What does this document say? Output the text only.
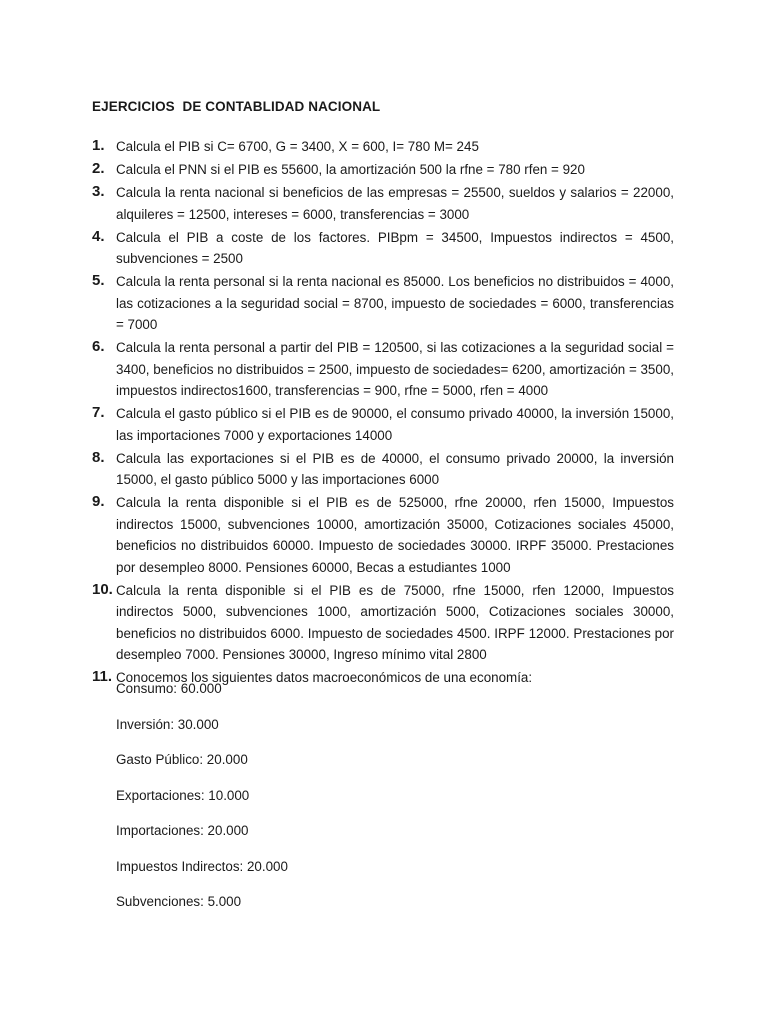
EJERCICIOS  DE CONTABLIDAD NACIONAL
1. Calcula el PIB si C= 6700, G = 3400, X = 600, I= 780 M= 245
2. Calcula el PNN si el PIB es 55600, la amortización 500 la rfne = 780 rfen = 920
3. Calcula la renta nacional si beneficios de las empresas = 25500, sueldos y salarios = 22000, alquileres = 12500, intereses = 6000, transferencias = 3000
4. Calcula el PIB a coste de los factores. PIBpm = 34500, Impuestos indirectos = 4500, subvenciones = 2500
5. Calcula la renta personal si la renta nacional es 85000. Los beneficios no distribuidos = 4000, las cotizaciones a la seguridad social = 8700, impuesto de sociedades = 6000, transferencias = 7000
6. Calcula la renta personal a partir del PIB = 120500, si las cotizaciones a la seguridad social = 3400, beneficios no distribuidos = 2500, impuesto de sociedades= 6200, amortización = 3500, impuestos indirectos1600, transferencias = 900, rfne = 5000, rfen = 4000
7. Calcula el gasto público si el PIB es de 90000, el consumo privado 40000, la inversión 15000, las importaciones 7000 y exportaciones 14000
8. Calcula las exportaciones si el PIB es de 40000, el consumo privado 20000, la inversión 15000, el gasto público 5000 y las importaciones 6000
9. Calcula la renta disponible si el PIB es de 525000, rfne 20000, rfen 15000, Impuestos indirectos 15000, subvenciones 10000, amortización 35000, Cotizaciones sociales 45000, beneficios no distribuidos 60000. Impuesto de sociedades 30000. IRPF 35000. Prestaciones por desempleo 8000. Pensiones 60000, Becas a estudiantes 1000
10. Calcula la renta disponible si el PIB es de 75000, rfne 15000, rfen 12000, Impuestos indirectos 5000, subvenciones 1000, amortización 5000, Cotizaciones sociales 30000, beneficios no distribuidos 6000. Impuesto de sociedades 4500. IRPF 12000. Prestaciones por desempleo 7000. Pensiones 30000, Ingreso mínimo vital 2800
11. Conocemos los siguientes datos macroeconómicos de una economía:
Consumo: 60.000
Inversión: 30.000
Gasto Público: 20.000
Exportaciones: 10.000
Importaciones: 20.000
Impuestos Indirectos: 20.000
Subvenciones: 5.000
